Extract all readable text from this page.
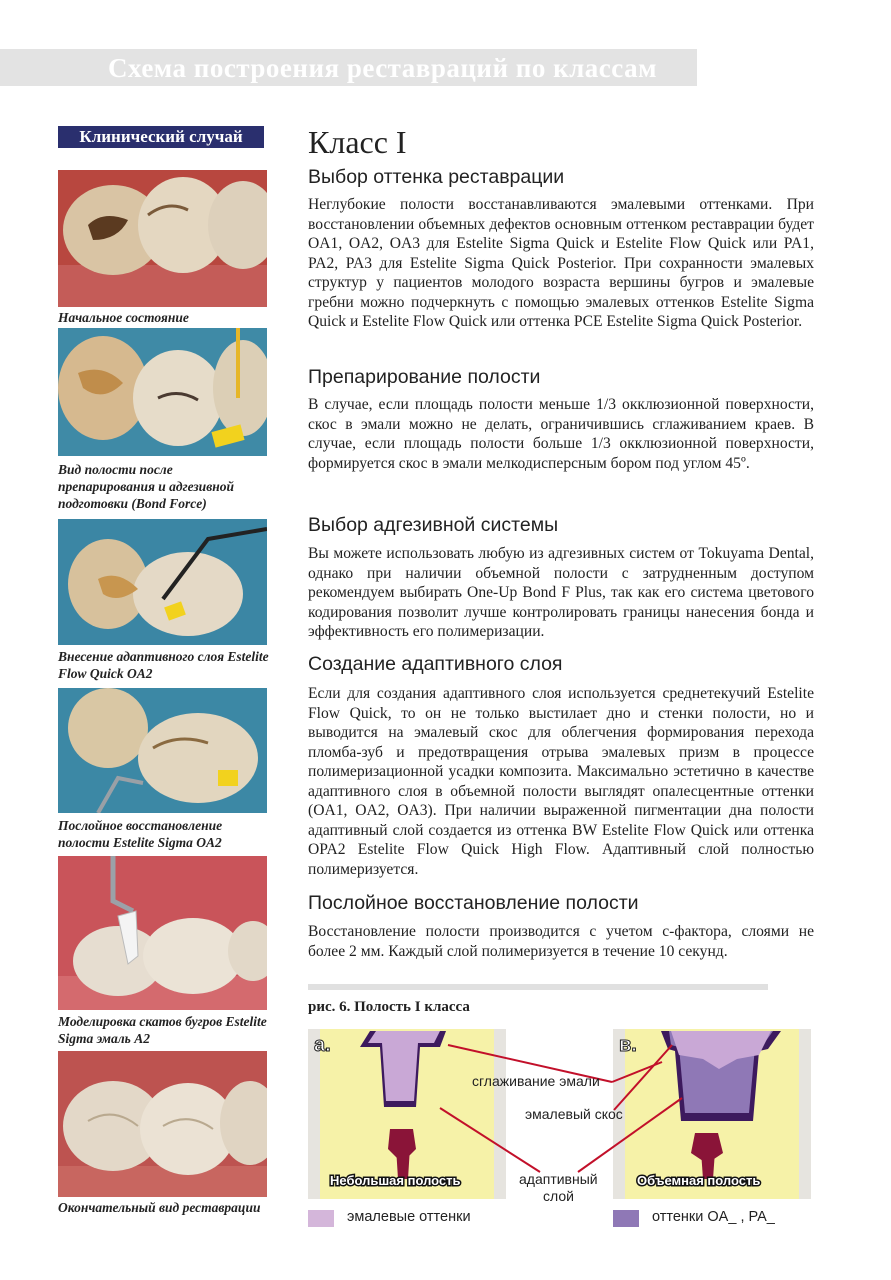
Схема построения реставраций по классам
Клинический случай
Начальное состояние
Вид полости после препарирования и адгезивной подготовки (Bond Force)
Внесение адаптивного слоя Estelite Flow Quick OA2
Послойное восстановление полости Estelite Sigma OA2
Моделировка скатов бугров Estelite Sigma эмаль A2
Окончательный вид реставрации
Класс I
Выбор оттенка реставрации
Неглубокие полости восстанавливаются эмалевыми оттенками. При восстановлении объемных дефектов основным оттенком реставрации будет OA1, OA2, OA3 для Estelite Sigma Quick и Estelite Flow Quick или PA1, PA2, PA3 для Estelite Sigma Quick Posterior. При сохранности эмалевых структур у пациентов молодого возраста вершины бугров и эмалевые гребни можно подчеркнуть с помощью эмалевых оттенков Estelite Sigma Quick и Estelite Flow Quick или оттенка PCE Estelite Sigma Quick Posterior.
Препарирование полости
В случае, если площадь полости меньше 1/3 окклюзионной поверхности, скос в эмали можно не делать, ограничившись сглаживанием краев. В случае, если площадь полости больше 1/3 окклюзионной поверхности, формируется скос в эмали мелкодисперсным бором под углом 45º.
Выбор адгезивной системы
Вы можете использовать любую из адгезивных систем от Tokuyama Dental, однако при наличии объемной полости с затрудненным доступом рекомендуем выбирать One-Up Bond F Plus, так как его система цветового кодирования позволит лучше контролировать границы нанесения бонда и эффективность его полимеризации.
Создание адаптивного слоя
Если для создания адаптивного слоя используется среднетекучий Estelite Flow Quick, то он не только выстилает дно и стенки полости, но и выводится на эмалевый скос для облегчения формирования перехода пломба-зуб и предотвращения отрыва эмалевых призм в процессе полимеризационной усадки композита. Максимально эстетично в качестве адаптивного слоя в объемной полости выглядят опалесцентные оттенки (OA1, OA2, OA3). При наличии выраженной пигментации дна полости адаптивный слой создается из оттенка BW Estelite Flow Quick или оттенка OPA2 Estelite Flow Quick High Flow. Адаптивный слой полностью полимеризуется.
Послойное восстановление полости
Восстановление полости производится с учетом с-фактора, слоями не более 2 мм. Каждый слой полимеризуется в течение 10 секунд.
рис. 6. Полость I класса
a.
Небольшая полость
в.
Объемная полость
сглаживание эмали
эмалевый скос
адаптивный
слой
эмалевые оттенки	оттенки OA_ , PA_
